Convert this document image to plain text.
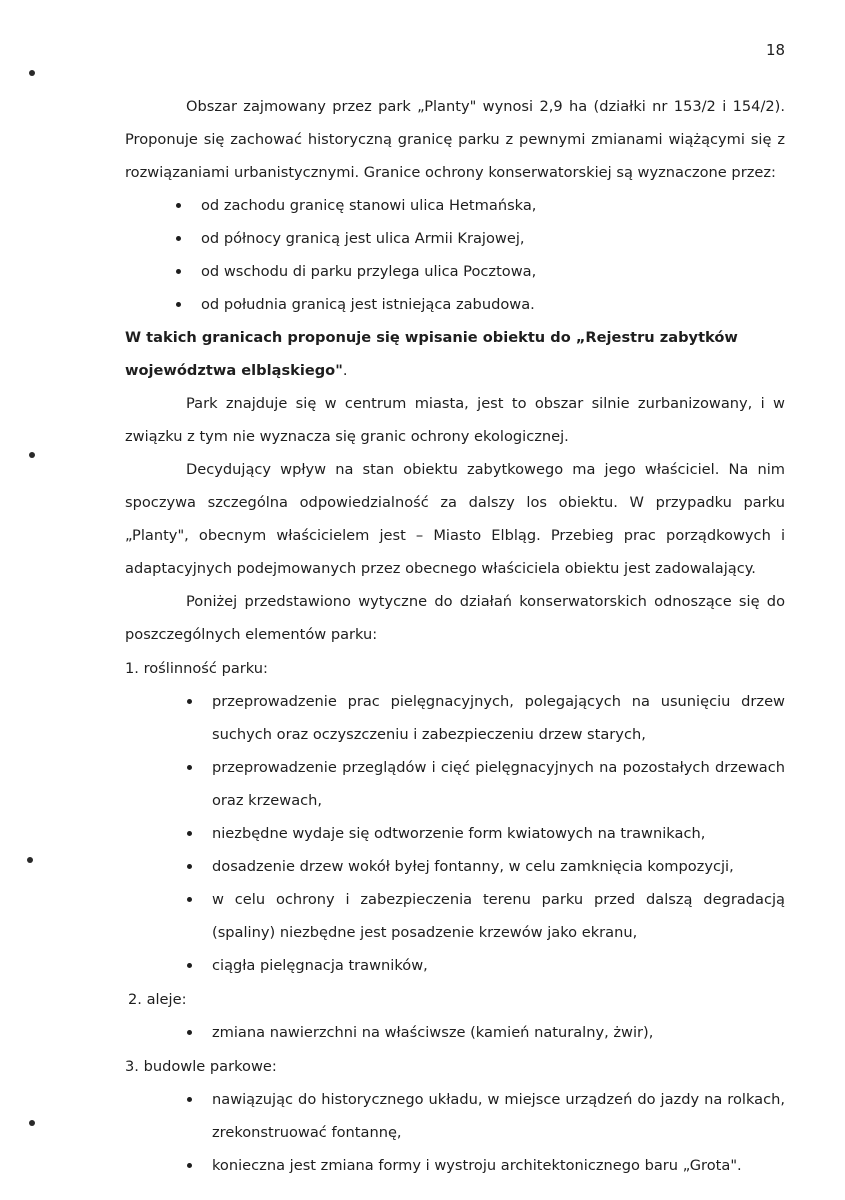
18

Obszar zajmowany przez park „Planty" wynosi 2,9 ha (działki nr 153/2 i 154/2). Proponuje się zachować historyczną granicę parku z pewnymi zmianami wiążącymi się z rozwiązaniami urbanistycznymi. Granice ochrony konserwatorskiej są wyznaczone przez:

od zachodu granicę stanowi ulica Hetmańska,
od północy granicą jest ulica Armii Krajowej,
od wschodu di parku przylega ulica Pocztowa,
od południa granicą jest istniejąca zabudowa.

W takich granicach proponuje się wpisanie obiektu do „Rejestru zabytków województwa elbląskiego".

Park znajduje się w centrum miasta, jest to obszar silnie zurbanizowany, i w związku z tym nie wyznacza się granic ochrony ekologicznej.

Decydujący wpływ na stan obiektu zabytkowego ma jego właściciel. Na nim spoczywa szczególna odpowiedzialność za dalszy los obiektu. W przypadku parku „Planty", obecnym właścicielem jest – Miasto Elbląg. Przebieg prac porządkowych i adaptacyjnych podejmowanych przez obecnego właściciela obiektu jest zadowalający.

Poniżej przedstawiono wytyczne do działań konserwatorskich odnoszące się do poszczególnych elementów parku:

1. roślinność parku:

przeprowadzenie prac pielęgnacyjnych, polegających na usunięciu drzew suchych oraz oczyszczeniu i zabezpieczeniu drzew starych,
przeprowadzenie przeglądów i cięć pielęgnacyjnych na pozostałych drzewach oraz krzewach,
niezbędne wydaje się odtworzenie form kwiatowych na trawnikach,
dosadzenie drzew wokół byłej fontanny, w celu zamknięcia kompozycji,
w celu ochrony i zabezpieczenia terenu parku przed dalszą degradacją (spaliny) niezbędne jest posadzenie krzewów jako ekranu,
ciągła pielęgnacja trawników,

2. aleje:

zmiana nawierzchni na właściwsze (kamień naturalny, żwir),

3. budowle parkowe:

nawiązując do historycznego układu, w miejsce urządzeń do jazdy na rolkach, zrekonstruować fontannę,
konieczna jest zmiana formy i wystroju architektonicznego baru „Grota".
